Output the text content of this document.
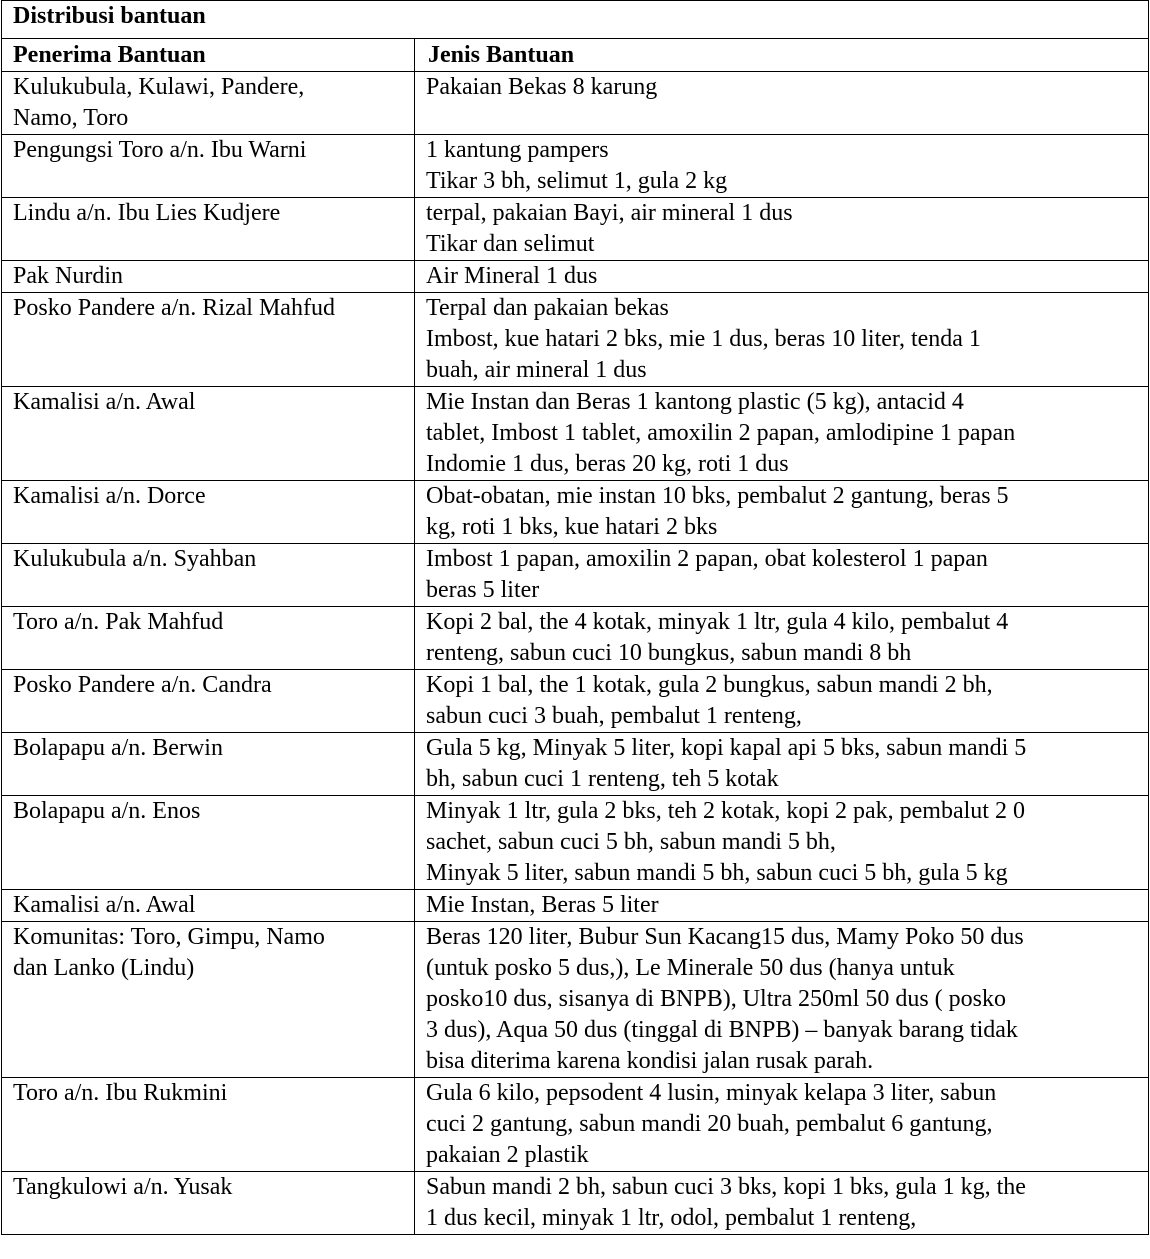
Distribusi bantuan	
Penerima Bantuan	Jenis Bantuan

Kulukubula, Kulawi, Pandere,
Namo, Toro	Pakaian Bekas 8 karung

Pengungsi Toro a/n. Ibu Warni	1 kantung pampers
Tikar 3 bh, selimut 1, gula 2 kg

Lindu a/n. Ibu Lies Kudjere	terpal, pakaian Bayi, air mineral 1 dus
Tikar dan selimut

Pak Nurdin	Air Mineral 1 dus

Posko Pandere a/n. Rizal Mahfud	Terpal dan pakaian bekas
Imbost, kue hatari 2 bks, mie 1 dus, beras 10 liter, tenda 1
buah, air mineral 1 dus

Kamalisi a/n. Awal	Mie Instan dan Beras 1 kantong plastic (5 kg), antacid 4
tablet, Imbost 1 tablet, amoxilin 2 papan, amlodipine 1 papan
Indomie 1 dus, beras 20 kg, roti 1 dus

Kamalisi a/n. Dorce	Obat-obatan, mie instan 10 bks, pembalut 2 gantung, beras 5
kg, roti 1 bks, kue hatari 2 bks

Kulukubula a/n. Syahban	Imbost 1 papan, amoxilin 2 papan, obat kolesterol 1 papan
beras 5 liter

Toro a/n. Pak Mahfud	Kopi 2 bal, the 4 kotak, minyak 1 ltr, gula 4 kilo, pembalut 4
renteng, sabun cuci 10 bungkus, sabun mandi 8 bh

Posko Pandere a/n. Candra	Kopi 1 bal, the 1 kotak, gula 2 bungkus, sabun mandi 2 bh,
sabun cuci 3 buah, pembalut 1 renteng,

Bolapapu a/n. Berwin	Gula 5 kg, Minyak 5 liter, kopi kapal api 5 bks, sabun mandi 5
bh, sabun cuci 1 renteng, teh 5 kotak

Bolapapu a/n. Enos	Minyak 1 ltr, gula 2 bks, teh 2 kotak, kopi 2 pak, pembalut 2 0
sachet, sabun cuci 5 bh, sabun mandi 5 bh,
Minyak 5 liter, sabun mandi 5 bh, sabun cuci 5 bh, gula 5 kg

Kamalisi a/n. Awal	Mie Instan, Beras 5 liter

Komunitas: Toro, Gimpu, Namo
dan Lanko (Lindu)	Beras 120 liter, Bubur Sun Kacang15 dus, Mamy Poko 50 dus
(untuk posko 5 dus,), Le Minerale 50 dus (hanya untuk
posko10 dus, sisanya di BNPB), Ultra 250ml 50 dus ( posko
3 dus), Aqua 50 dus (tinggal di BNPB) – banyak barang tidak
bisa diterima karena kondisi jalan rusak parah.

Toro a/n. Ibu Rukmini	Gula 6 kilo, pepsodent 4 lusin, minyak kelapa 3 liter, sabun
cuci 2 gantung, sabun mandi 20 buah, pembalut 6 gantung,
pakaian 2 plastik

Tangkulowi a/n. Yusak	Sabun mandi 2 bh, sabun cuci 3 bks, kopi 1 bks, gula 1 kg, the
1 dus kecil, minyak 1 ltr, odol, pembalut 1 renteng,
